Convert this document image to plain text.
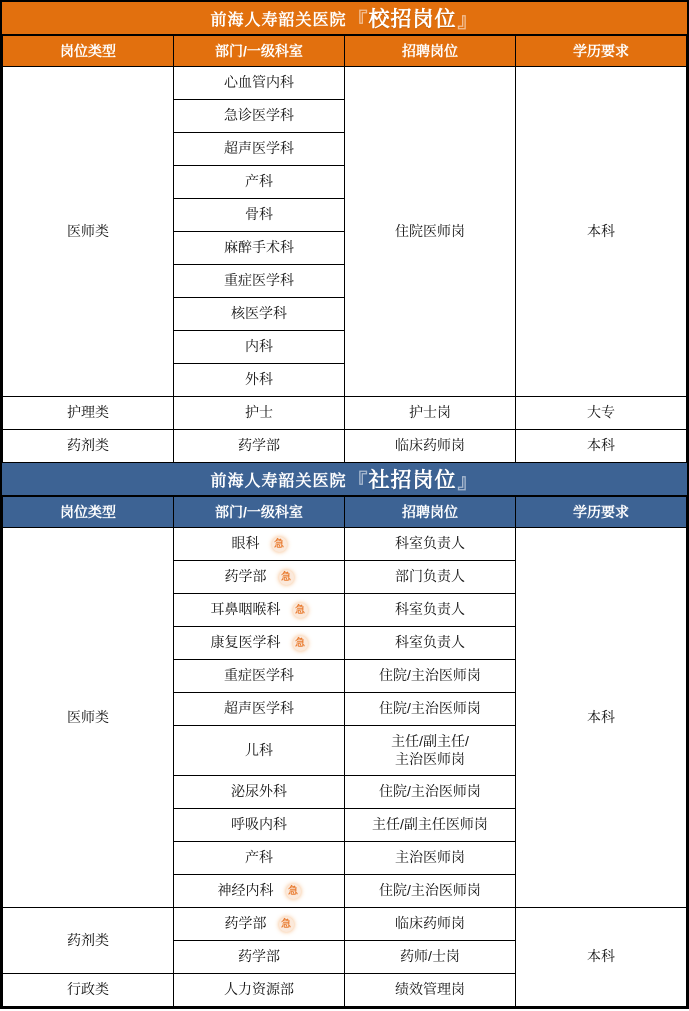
前海人寿韶关医院 『 校招岗位 』
岗位类型	部门/一级科室	招聘岗位	学历要求

医师类	心血管内科	住院医师岗	本科

	急诊医学科		

	超声医学科		

	产科		

	骨科		

	麻醉手术科		

	重症医学科		

	核医学科		

	内科		

	外科		

护理类	护士	护士岗	大专

药剂类	药学部	临床药师岗	本科
前海人寿韶关医院 『 社招岗位 』
岗位类型	部门/一级科室	招聘岗位	学历要求

医师类	眼科 急	科室负责人	本科

	药学部 急	部门负责人	

	耳鼻咽喉科 急	科室负责人	

	康复医学科 急	科室负责人	

	重症医学科	住院/主治医师岗	

	超声医学科	住院/主治医师岗	

	儿科	主任/副主任/
主治医师岗	

	泌尿外科	住院/主治医师岗	

	呼吸内科	主任/副主任医师岗	

	产科	主治医师岗	

	神经内科 急	住院/主治医师岗	

药剂类	药学部 急	临床药师岗	本科

	药学部	药师/士岗	

行政类	人力资源部	绩效管理岗	
